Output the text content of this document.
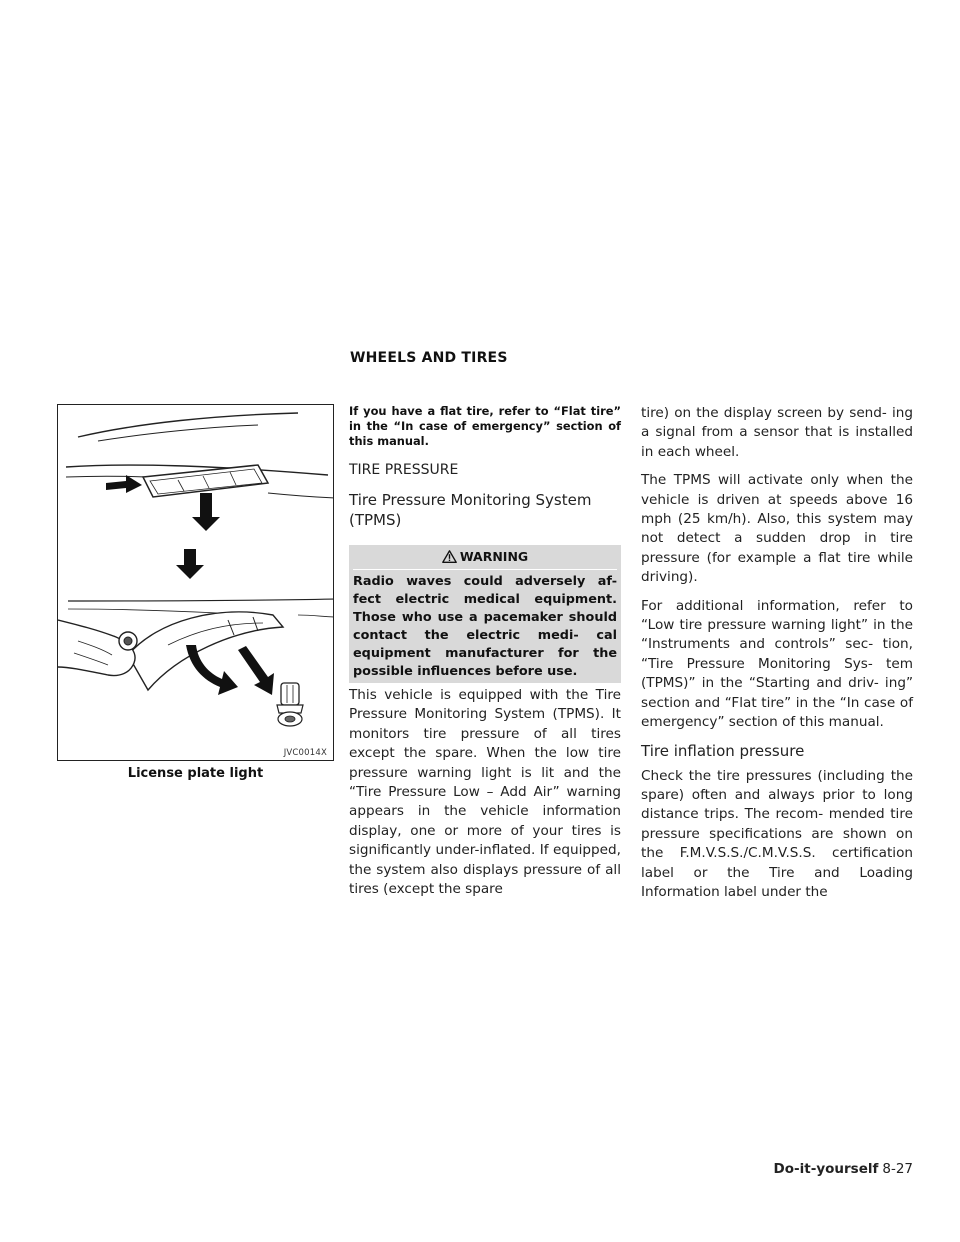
WHEELS AND TIRES
JVC0014X
License plate light

If you have a flat tire, refer to “Flat tire” in the “In case of emergency” section of this manual.

TIRE PRESSURE
Tire Pressure Monitoring System (TPMS)
WARNING

Radio waves could adversely af- fect electric medical equipment. Those who use a pacemaker should contact the electric medi- cal equipment manufacturer for the possible influences before use.

This vehicle is equipped with the Tire Pressure Monitoring System (TPMS). It monitors tire pressure of all tires except the spare. When the low tire pressure warning light is lit and the “Tire Pressure Low – Add Air” warning appears in the vehicle information display, one or more of your tires is significantly under-inflated. If equipped, the system also displays pressure of all tires (except the spare

tire) on the display screen by send- ing a signal from a sensor that is installed in each wheel.

The TPMS will activate only when the vehicle is driven at speeds above 16 mph (25 km/h). Also, this system may not detect a sudden drop in tire pressure (for example a flat tire while driving).

For additional information, refer to “Low tire pressure warning light” in the “Instruments and controls” sec- tion, “Tire Pressure Monitoring Sys- tem (TPMS)” in the “Starting and driv- ing” section and “Flat tire” in the “In case of emergency” section of this manual.

Tire inflation pressure

Check the tire pressures (including the spare) often and always prior to long distance trips. The recom- mended tire pressure specifications are shown on the F.M.V.S.S./C.M.V.S.S. certification label or the Tire and Loading Information label under the

Do-it-yourself 8-27
